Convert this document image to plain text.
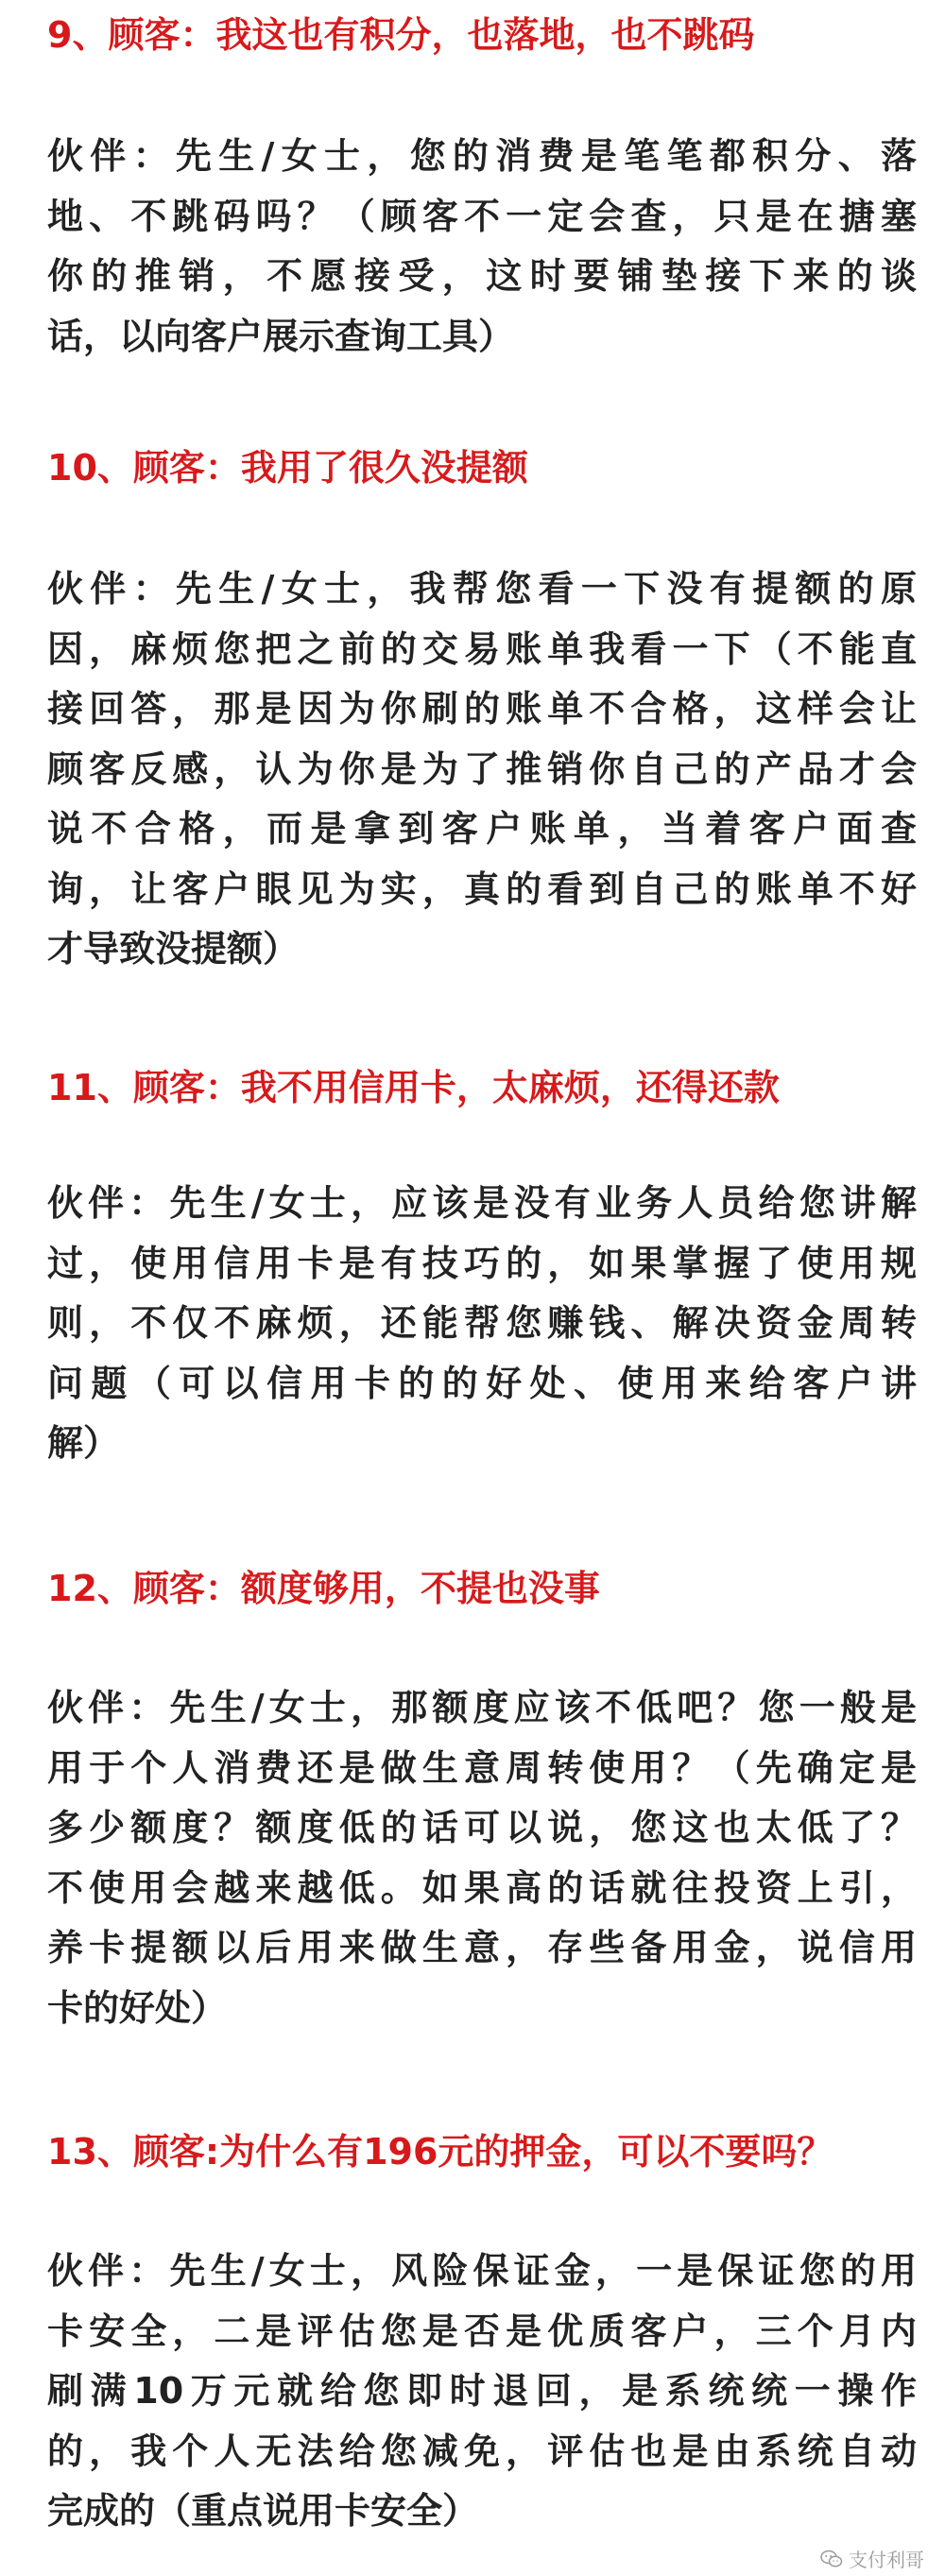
9、顾客：我这也有积分，也落地，也不跳码
伙伴：先生/女士，您的消费是笔笔都积分、落
地、不跳码吗？（顾客不一定会查，只是在搪塞
你的推销，不愿接受，这时要铺垫接下来的谈
话，以向客户展示查询工具）
10、顾客：我用了很久没提额
伙伴：先生/女士，我帮您看一下没有提额的原
因，麻烦您把之前的交易账单我看一下（不能直
接回答，那是因为你刷的账单不合格，这样会让
顾客反感，认为你是为了推销你自己的产品才会
说不合格，而是拿到客户账单，当着客户面查
询，让客户眼见为实，真的看到自己的账单不好
才导致没提额）
11、顾客：我不用信用卡，太麻烦，还得还款
伙伴：先生/女士，应该是没有业务人员给您讲解
过，使用信用卡是有技巧的，如果掌握了使用规
则，不仅不麻烦，还能帮您赚钱、解决资金周转
问题（可以信用卡的的好处、使用来给客户讲
解）
12、顾客：额度够用，不提也没事
伙伴：先生/女士，那额度应该不低吧？您一般是
用于个人消费还是做生意周转使用？（先确定是
多少额度？额度低的话可以说，您这也太低了？
不使用会越来越低。如果高的话就往投资上引，
养卡提额以后用来做生意，存些备用金，说信用
卡的好处）
13、顾客:为什么有196元的押金，可以不要吗？
伙伴：先生/女士，风险保证金，一是保证您的用
卡安全，二是评估您是否是优质客户，三个月内
刷满10万元就给您即时退回，是系统统一操作
的，我个人无法给您减免，评估也是由系统自动
完成的（重点说用卡安全）
支付利哥
